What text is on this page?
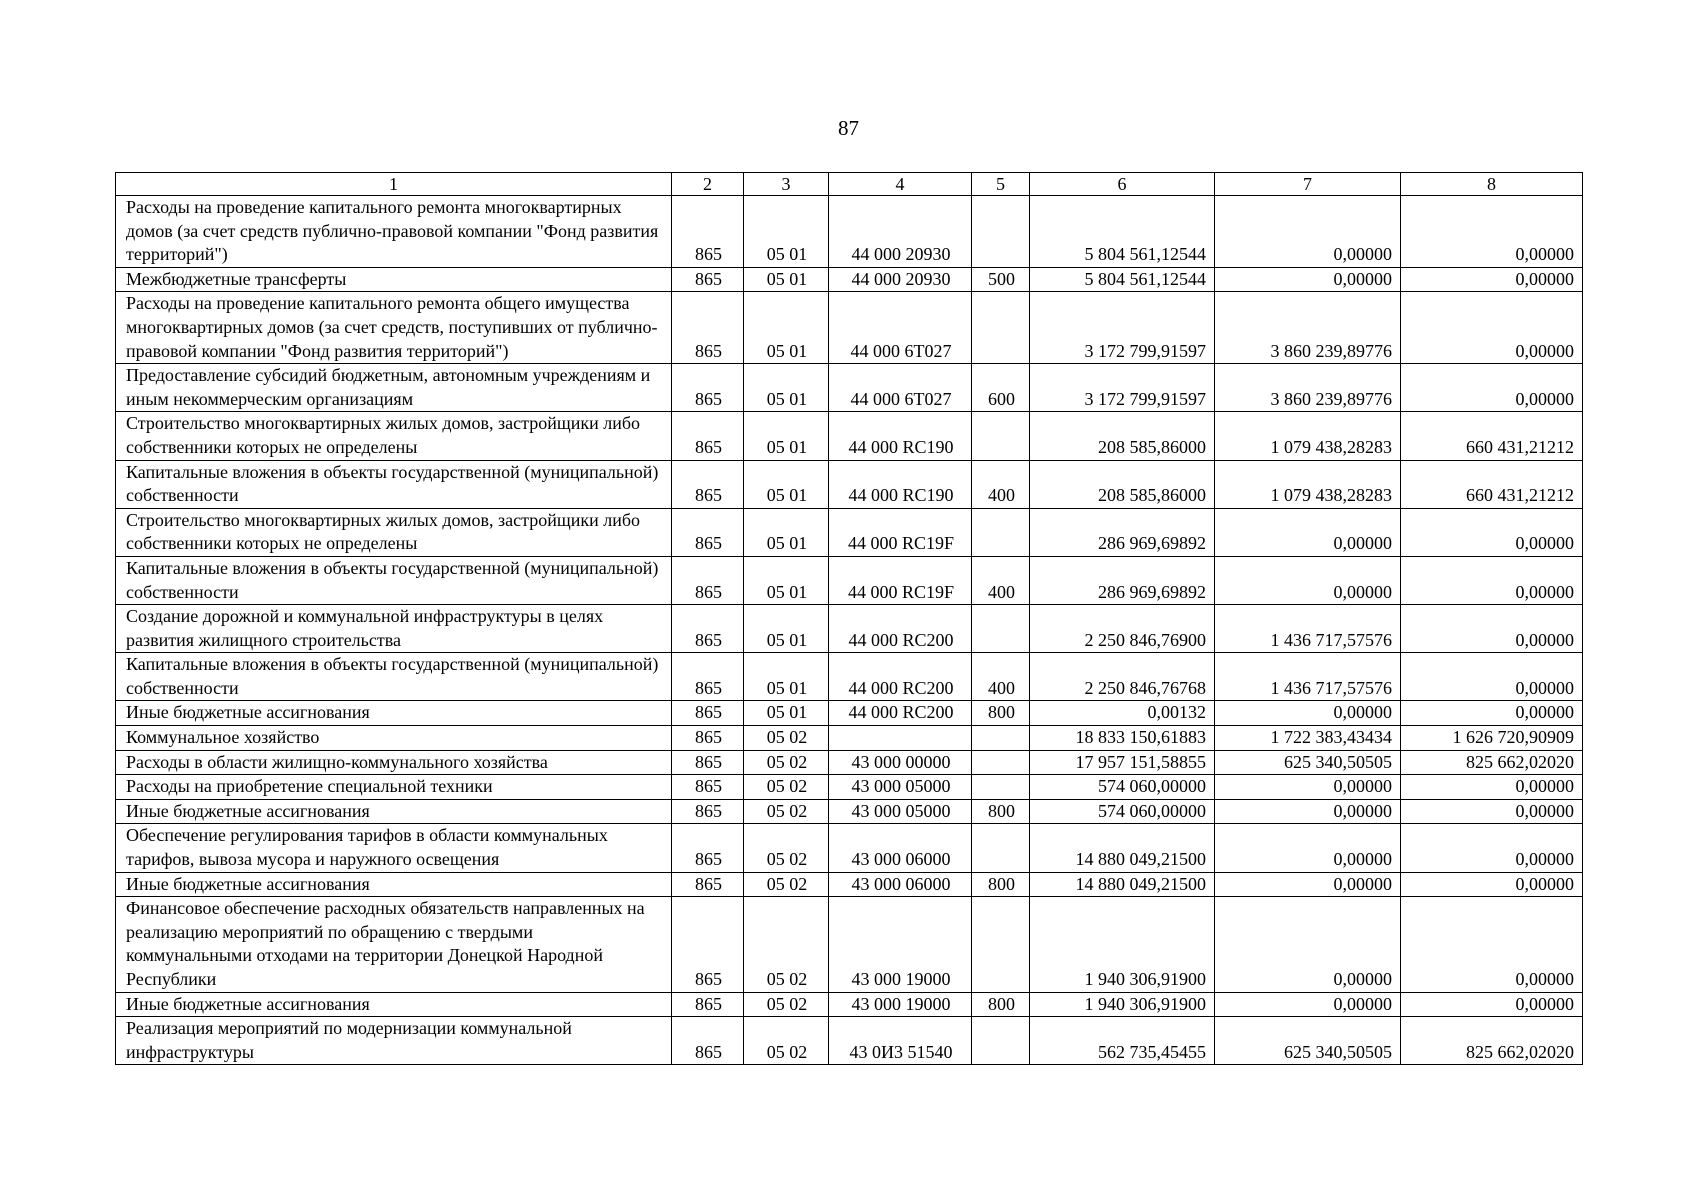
87
1	2	3	4	5	6	7	8
Расходы на проведение капитального ремонта многоквартирных домов (за счет средств публично-правовой компании "Фонд развития территорий")	865	05 01	44 000 20930		5 804 561,12544	0,00000	0,00000
Межбюджетные трансферты	865	05 01	44 000 20930	500	5 804 561,12544	0,00000	0,00000
Расходы на проведение капитального ремонта общего имущества многоквартирных домов (за счет средств, поступивших от публично-правовой компании "Фонд развития территорий")	865	05 01	44 000 6Т027		3 172 799,91597	3 860 239,89776	0,00000
Предоставление субсидий бюджетным, автономным учреждениям и иным некоммерческим организациям	865	05 01	44 000 6Т027	600	3 172 799,91597	3 860 239,89776	0,00000
Строительство многоквартирных жилых домов, застройщики либо собственники которых не определены	865	05 01	44 000 RC190		208 585,86000	1 079 438,28283	660 431,21212
Капитальные вложения в объекты государственной (муниципальной) собственности	865	05 01	44 000 RC190	400	208 585,86000	1 079 438,28283	660 431,21212
Строительство многоквартирных жилых домов, застройщики либо собственники которых не определены	865	05 01	44 000 RC19F		286 969,69892	0,00000	0,00000
Капитальные вложения в объекты государственной (муниципальной) собственности	865	05 01	44 000 RC19F	400	286 969,69892	0,00000	0,00000
Создание дорожной и коммунальной инфраструктуры в целях развития жилищного строительства	865	05 01	44 000 RC200		2 250 846,76900	1 436 717,57576	0,00000
Капитальные вложения в объекты государственной (муниципальной) собственности	865	05 01	44 000 RC200	400	2 250 846,76768	1 436 717,57576	0,00000
Иные бюджетные ассигнования	865	05 01	44 000 RC200	800	0,00132	0,00000	0,00000
Коммунальное хозяйство	865	05 02			18 833 150,61883	1 722 383,43434	1 626 720,90909
Расходы в области жилищно-коммунального хозяйства	865	05 02	43 000 00000		17 957 151,58855	625 340,50505	825 662,02020
Расходы на приобретение специальной техники	865	05 02	43 000 05000		574 060,00000	0,00000	0,00000
Иные бюджетные ассигнования	865	05 02	43 000 05000	800	574 060,00000	0,00000	0,00000
Обеспечение регулирования тарифов в области коммунальных тарифов, вывоза мусора и наружного освещения	865	05 02	43 000 06000		14 880 049,21500	0,00000	0,00000
Иные бюджетные ассигнования	865	05 02	43 000 06000	800	14 880 049,21500	0,00000	0,00000
Финансовое обеспечение расходных обязательств направленных на реализацию мероприятий по обращению с твердыми коммунальными отходами на территории Донецкой Народной Республики	865	05 02	43 000 19000		1 940 306,91900	0,00000	0,00000
Иные бюджетные ассигнования	865	05 02	43 000 19000	800	1 940 306,91900	0,00000	0,00000
Реализация мероприятий по модернизации коммунальной инфраструктуры	865	05 02	43 0И3 51540		562 735,45455	625 340,50505	825 662,02020
